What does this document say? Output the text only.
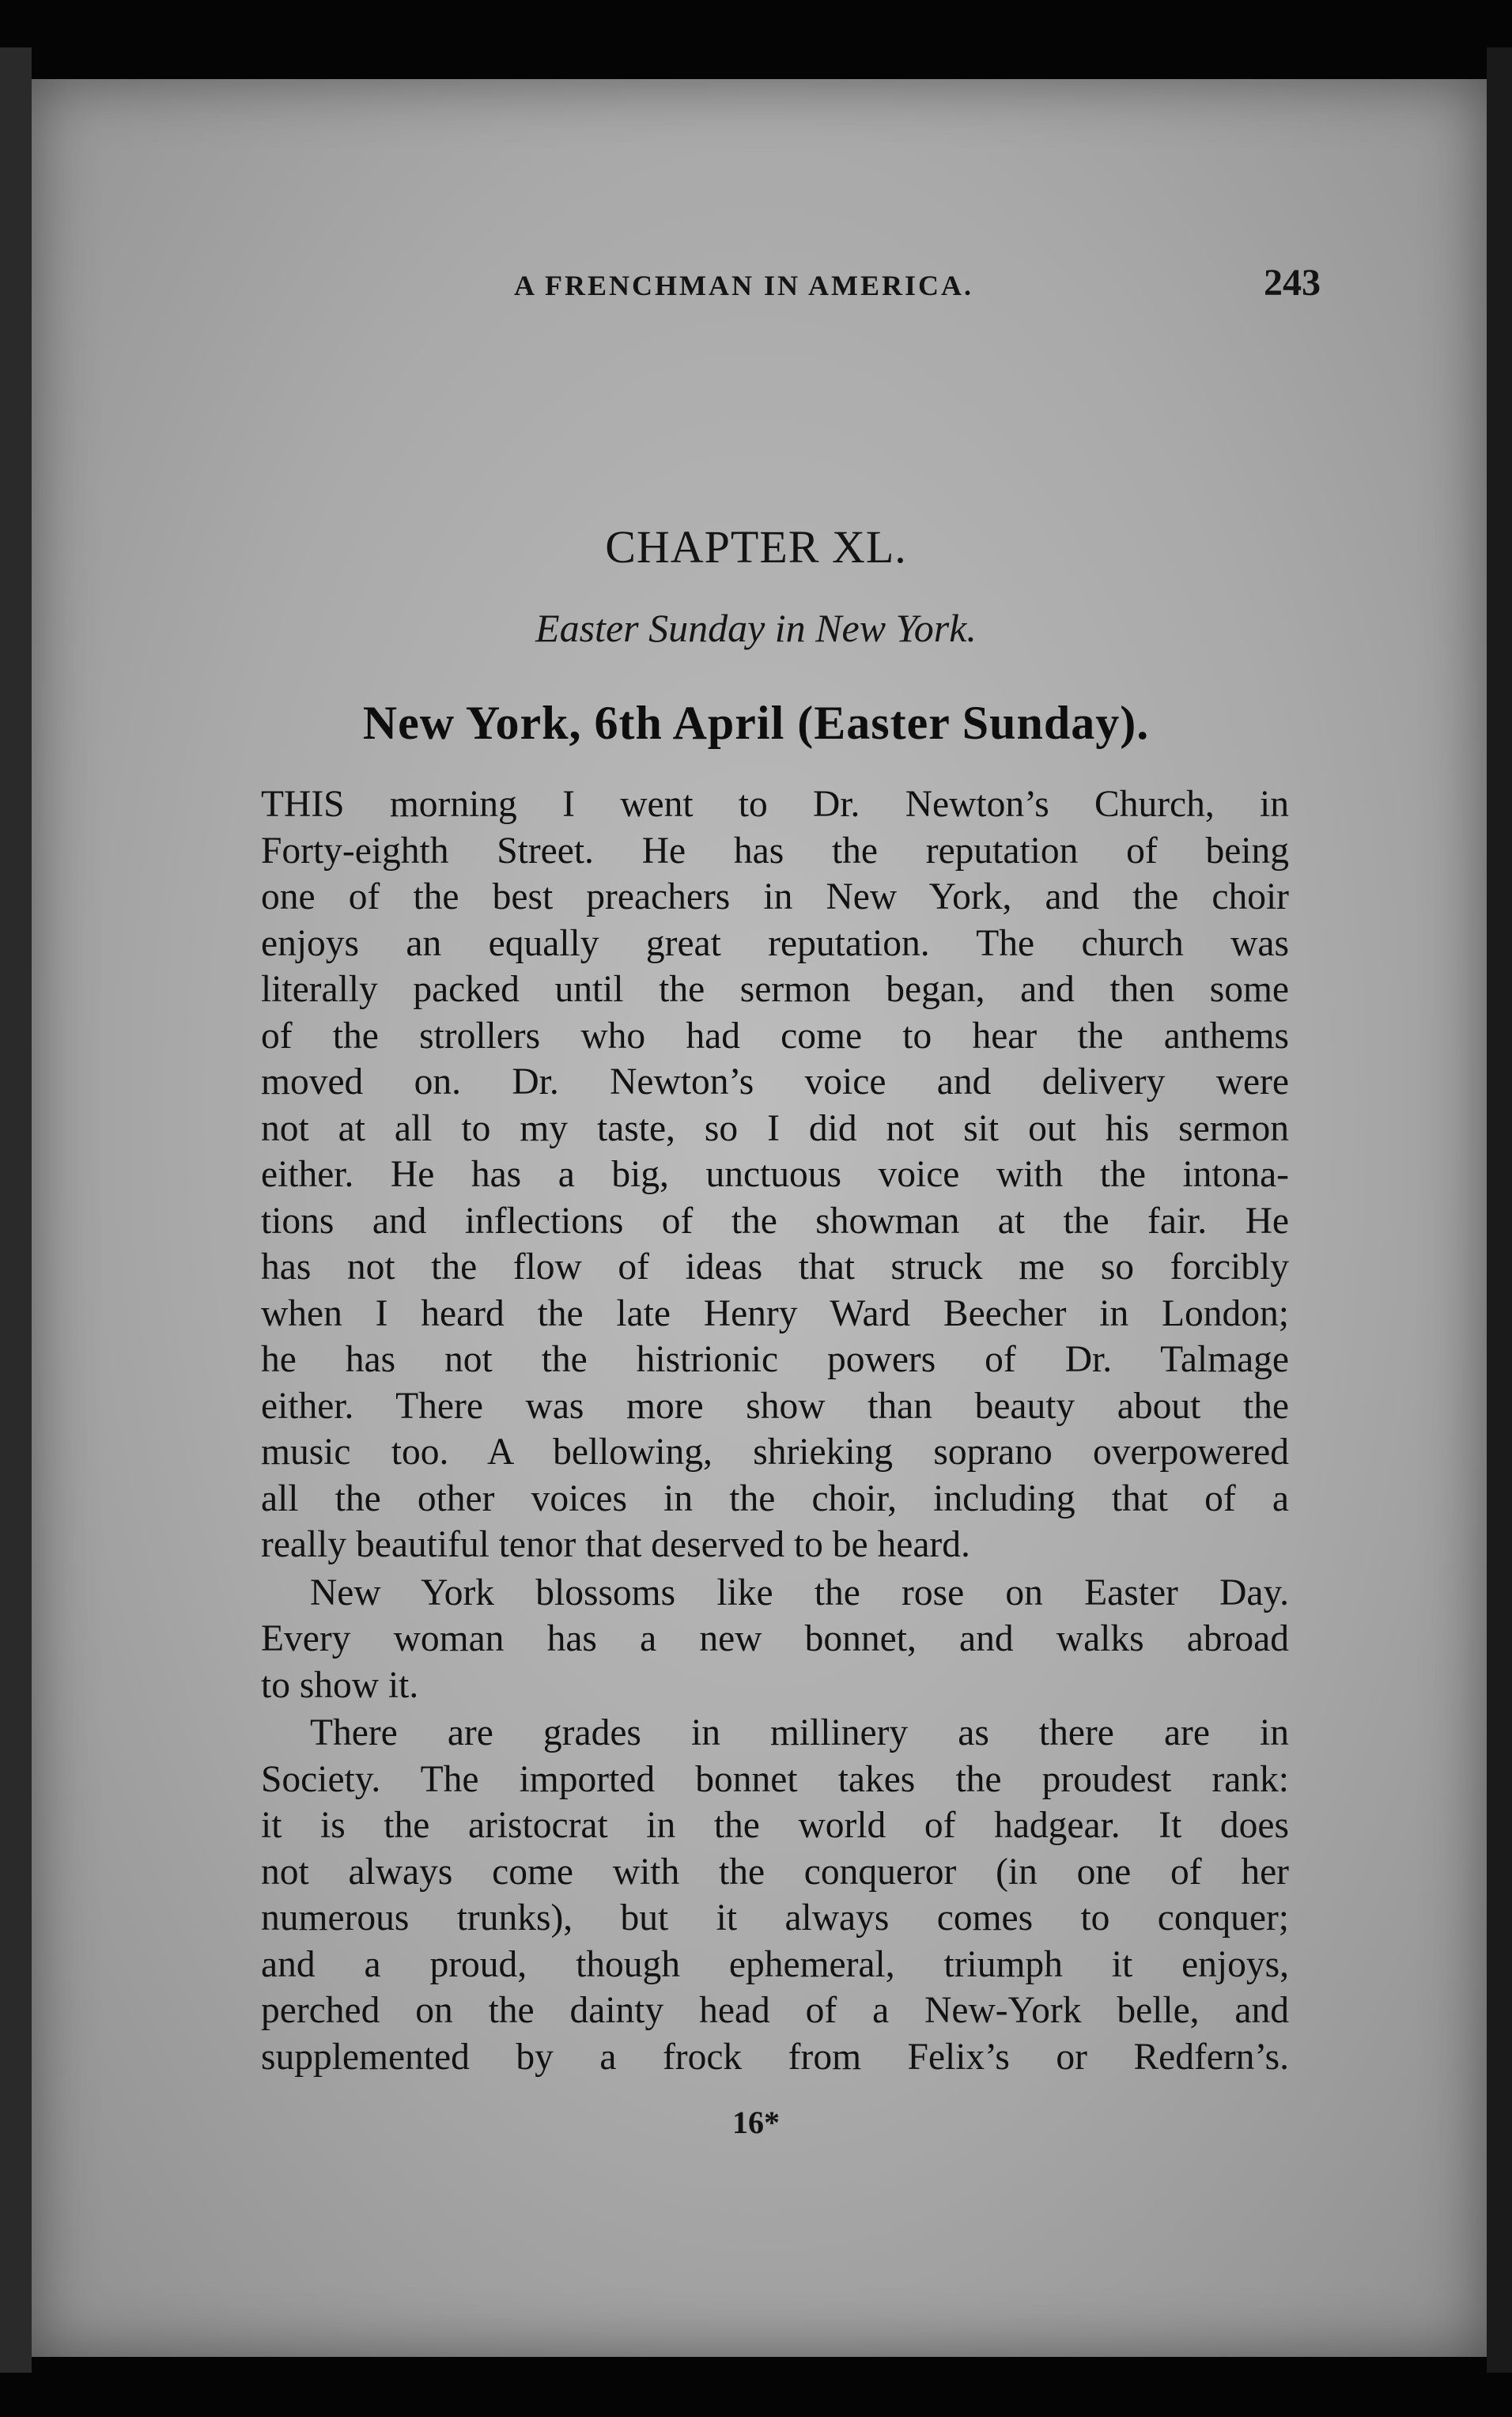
A FRENCHMAN IN AMERICA.	243
CHAPTER XL.
Easter Sunday in New York.
New York, 6th April (Easter Sunday).

THIS morning I went to Dr. Newton’s Church, in
Forty-eighth Street. He has the reputation of being
one of the best preachers in New York, and the choir
enjoys an equally great reputation. The church was
literally packed until the sermon began, and then some
of the strollers who had come to hear the anthems
moved on. Dr. Newton’s voice and delivery were
not at all to my taste, so I did not sit out his sermon
either. He has a big, unctuous voice with the intona-
tions and inflections of the showman at the fair. He
has not the flow of ideas that struck me so forcibly
when I heard the late Henry Ward Beecher in London;
he has not the histrionic powers of Dr. Talmage
either. There was more show than beauty about the
music too. A bellowing, shrieking soprano overpowered
all the other voices in the choir, including that of a
really beautiful tenor that deserved to be heard.

New York blossoms like the rose on Easter Day.
Every woman has a new bonnet, and walks abroad
to show it.

There are grades in millinery as there are in
Society. The imported bonnet takes the proudest rank:
it is the aristocrat in the world of hadgear. It does
not always come with the conqueror (in one of her
numerous trunks), but it always comes to conquer;
and a proud, though ephemeral, triumph it enjoys,
perched on the dainty head of a New-York belle, and
supplemented by a frock from Felix’s or Redfern’s.

16*
